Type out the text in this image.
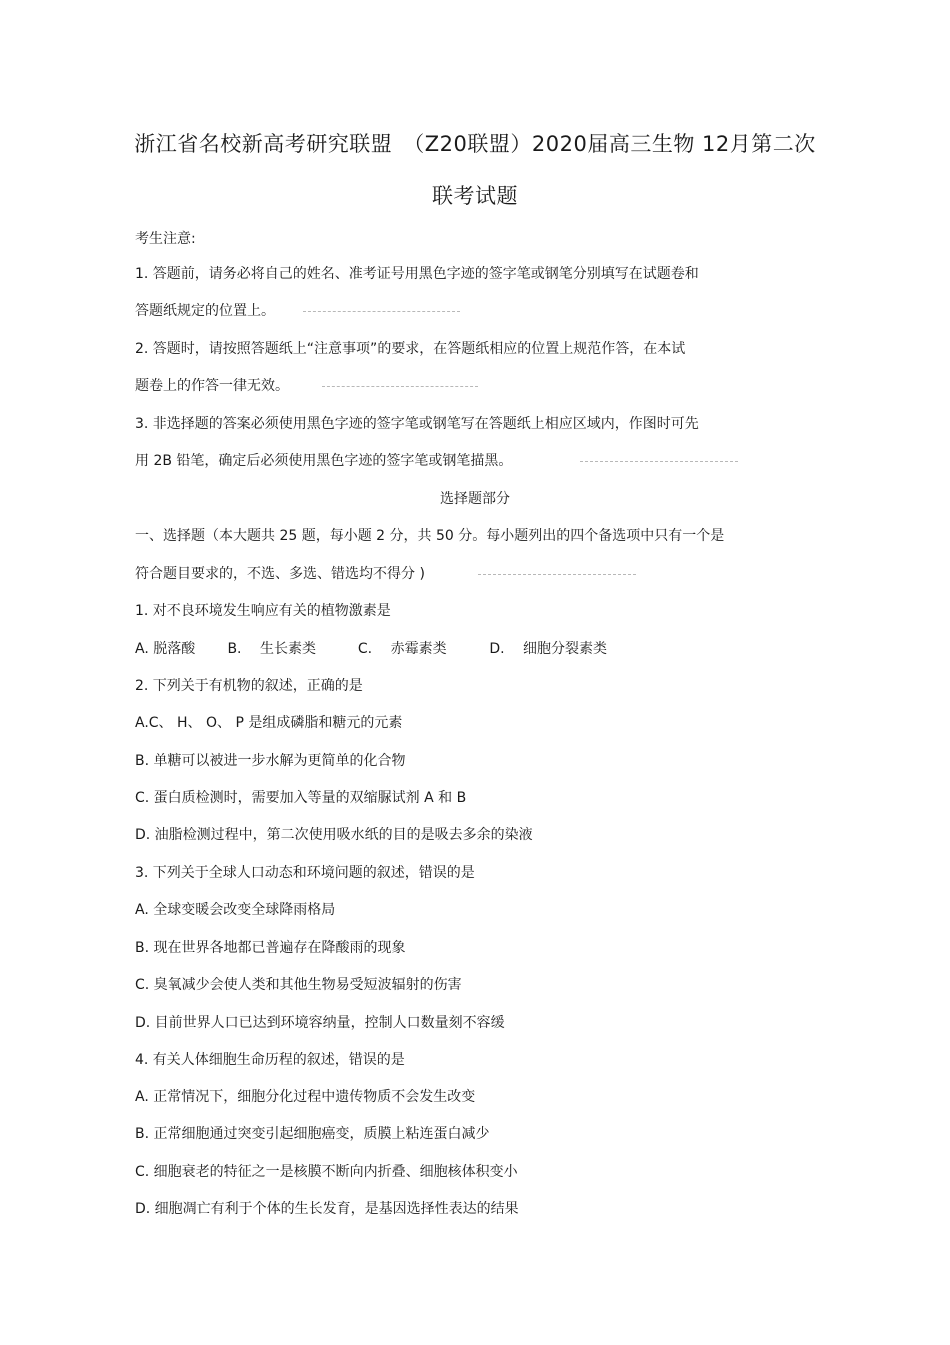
浙江省名校新高考研究联盟　（Z20联盟）2020届高三生物 12月第二次
联考试题
考生注意:
1. 答题前，请务必将自己的姓名、准考证号用黑色字迹的签字笔或钢笔分别填写在试题卷和
答题纸规定的位置上。
2. 答题时，请按照答题纸上“注意事项”的要求，在答题纸相应的位置上规范作答，在本试
题卷上的作答一律无效。
3. 非选择题的答案必须使用黑色字迹的签字笔或钢笔写在答题纸上相应区域内，作图时可先
用 2B 铅笔，确定后必须使用黑色字迹的签字笔或钢笔描黑。
选择题部分
一、选择题（本大题共 25 题，每小题 2 分，共 50 分。每小题列出的四个备选项中只有一个是
符合题目要求的，不选、多选、错选均不得分 )
1. 对不良环境发生响应有关的植物激素是
A. 脱落酸 B.　 生长素类	C.　 赤霉素类	D.　 细胞分裂素类
2. 下列关于有机物的叙述，正确的是
A.C、 H、 O、 P 是组成磷脂和糖元的元素
B. 单糖可以被进一步水解为更简单的化合物
C. 蛋白质检测时，需要加入等量的双缩脲试剂 A 和 B
D. 油脂检测过程中，第二次使用吸水纸的目的是吸去多余的染液
3. 下列关于全球人口动态和环境问题的叙述，错误的是
A. 全球变暖会改变全球降雨格局
B. 现在世界各地都已普遍存在降酸雨的现象
C. 臭氧减少会使人类和其他生物易受短波辐射的伤害
D. 目前世界人口已达到环境容纳量，控制人口数量刻不容缓
4. 有关人体细胞生命历程的叙述，错误的是
A. 正常情况下，细胞分化过程中遗传物质不会发生改变
B. 正常细胞通过突变引起细胞癌变，质膜上粘连蛋白减少
C. 细胞衰老的特征之一是核膜不断向内折叠、细胞核体积变小
D. 细胞凋亡有利于个体的生长发育，是基因选择性表达的结果
